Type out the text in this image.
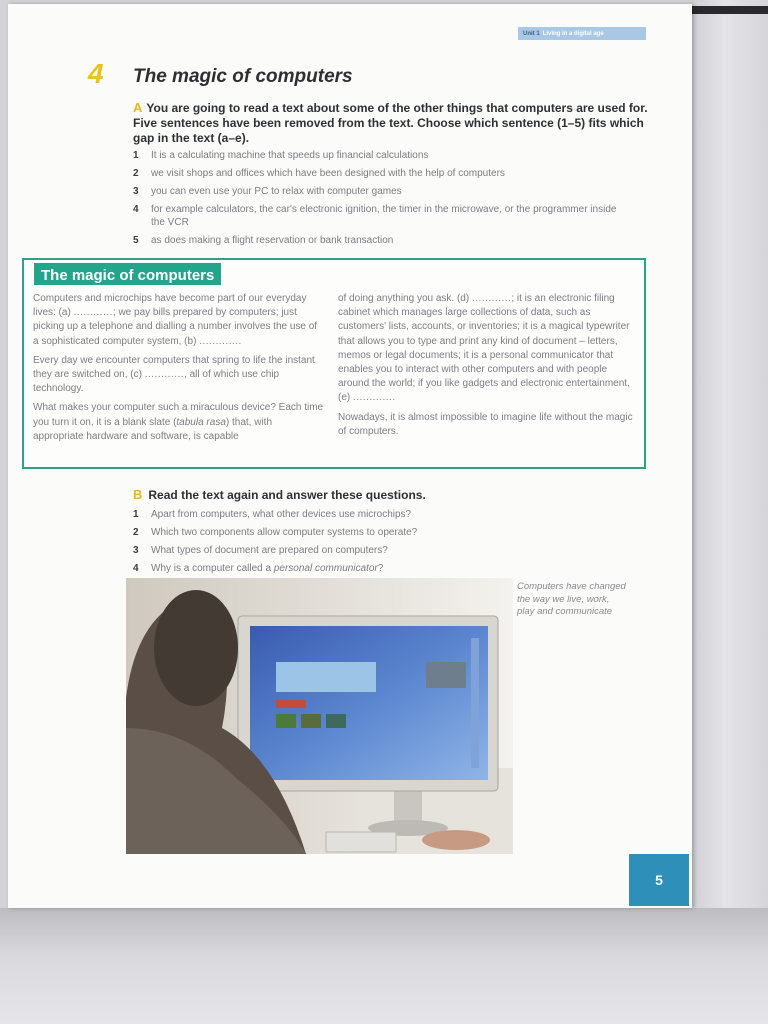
Unit 1 Living in a digital age
4 The magic of computers
A You are going to read a text about some of the other things that computers are used for. Five sentences have been removed from the text. Choose which sentence (1–5) fits which gap in the text (a–e).
1	It is a calculating machine that speeds up financial calculations
2	we visit shops and offices which have been designed with the help of computers
3	you can even use your PC to relax with computer games
4	for example calculators, the car's electronic ignition, the timer in the microwave, or the programmer inside the VCR
5	as does making a flight reservation or bank transaction
The magic of computers

Computers and microchips have become part of our everyday lives: (a) ............; we pay bills prepared by computers; just picking up a telephone and dialling a number involves the use of a sophisticated computer system, (b) .............

Every day we encounter computers that spring to life the instant they are switched on, (c) ............, all of which use chip technology.

What makes your computer such a miraculous device? Each time you turn it on, it is a blank slate (tabula rasa) that, with appropriate hardware and software, is capable

of doing anything you ask. (d) ............; it is an electronic filing cabinet which manages large collections of data, such as customers' lists, accounts, or inventories; it is a magical typewriter that allows you to type and print any kind of document – letters, memos or legal documents; it is a personal communicator that enables you to interact with other computers and with people around the world; if you like gadgets and electronic entertainment, (e) .............

Nowadays, it is almost impossible to imagine life without the magic of computers.

B Read the text again and answer these questions.
1	Apart from computers, what other devices use microchips?
2	Which two components allow computer systems to operate?
3	What types of document are prepared on computers?
4	Why is a computer called a personal communicator?
Computers have changed the way we live, work, play and communicate
5
